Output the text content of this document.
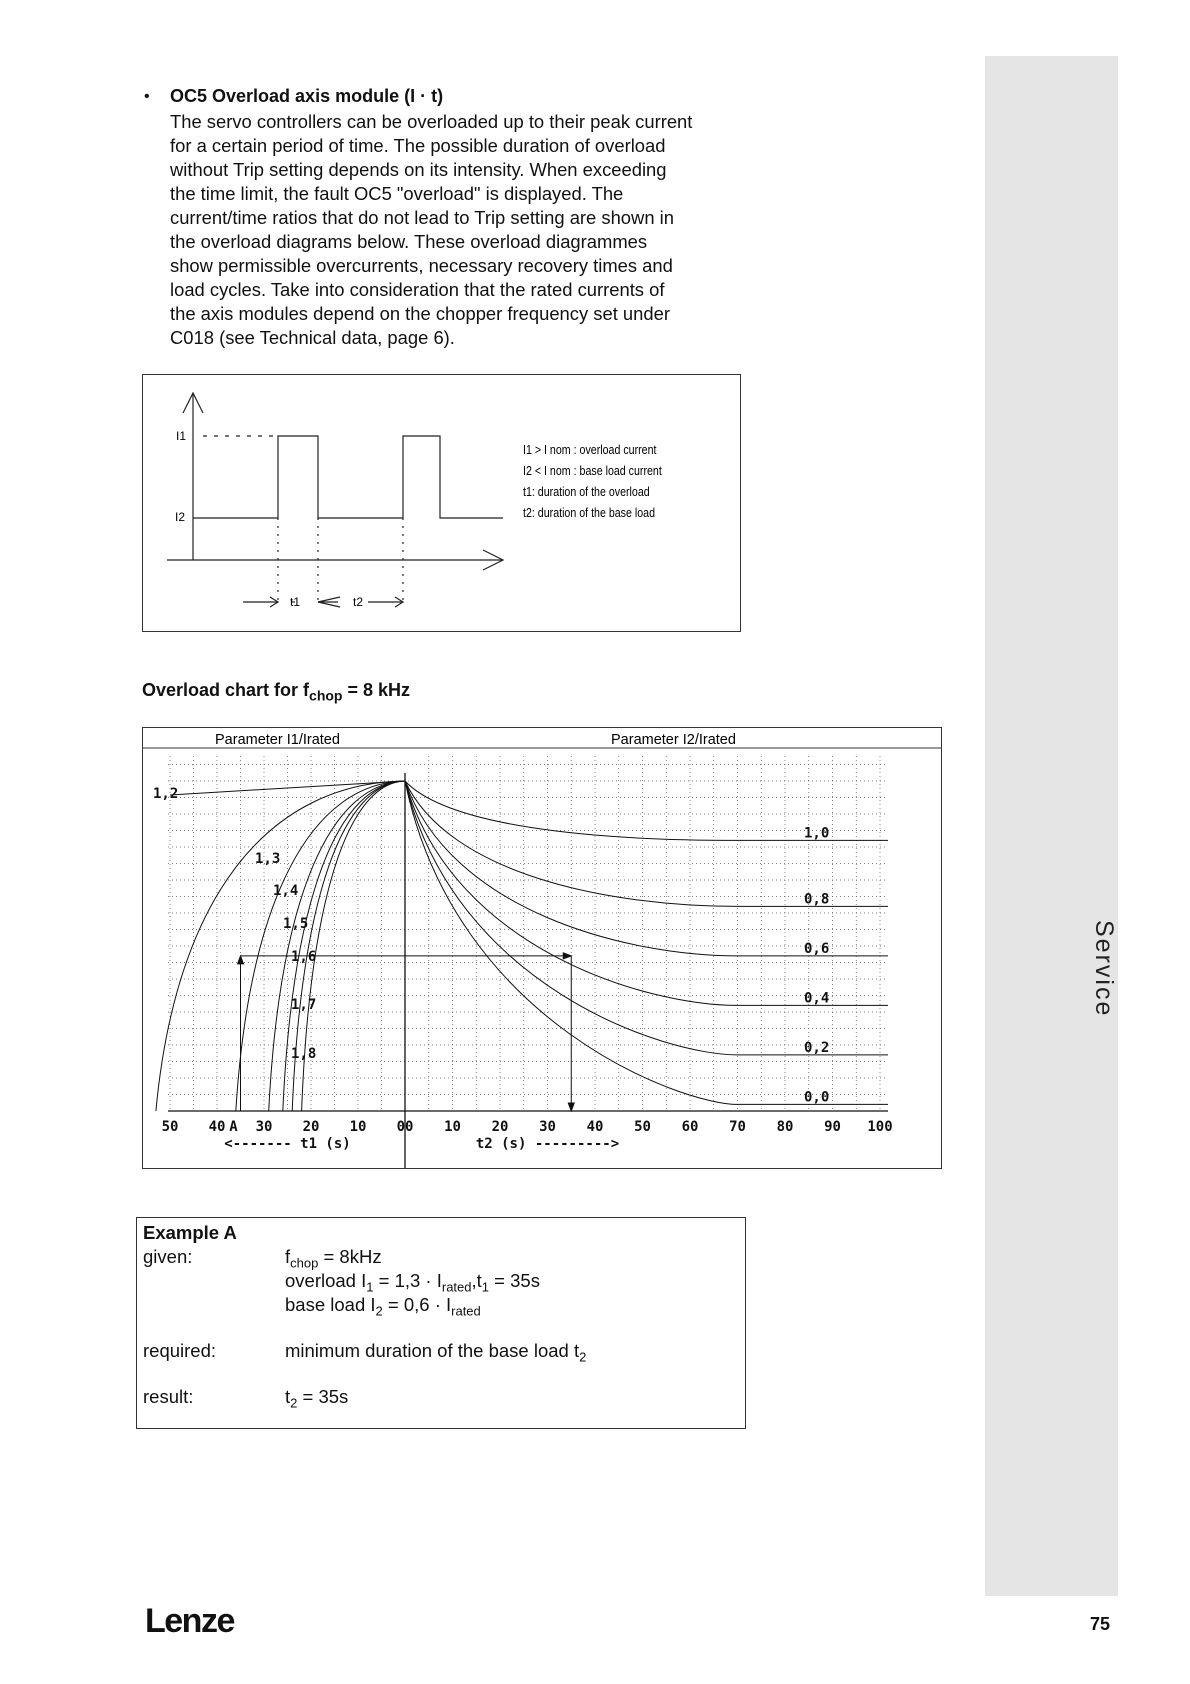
Service
• OC5 Overload axis module (I · t)
The servo controllers can be overloaded up to their peak current
for a certain period of time. The possible duration of overload
without Trip setting depends on its intensity. When exceeding
the time limit, the fault OC5 "overload" is displayed. The
current/time ratios that do not lead to Trip setting are shown in
the overload diagrams below. These overload diagrammes
show permissible overcurrents, necessary recovery times and
load cycles. Take into consideration that the rated currents of
the axis modules depend on the chopper frequency set under
C018 (see Technical data, page 6).
I1
I2
t1	t2
I1 > I nom : overload current
I2 < I nom : base load current
t1: duration of the overload
t2: duration of the base load
Overload chart for $f_{chop} = 8$ kHz
Parameter I1/Irated	Parameter I2/Irated
1,2
1,3
1,4
1,5
1,6
1,7
1,8
1,0
0,8
0,6
0,4
0,2
0,0
50 40 30 20 10 00 10 20 30 40 50 60 70 80 90 100
A
<------- t1 (s)	t2 (s) --------->
Example A
given:	$f_{chop} = 8kHz$
overload $I_1 = 1,3 \cdot I_{rated},t_1 = 35s$
base load $I_2 = 0,6 \cdot I_{rated}$
required:	minimum duration of the base load $t_2$
result:	$t_2 = 35s$
Lenze	75
